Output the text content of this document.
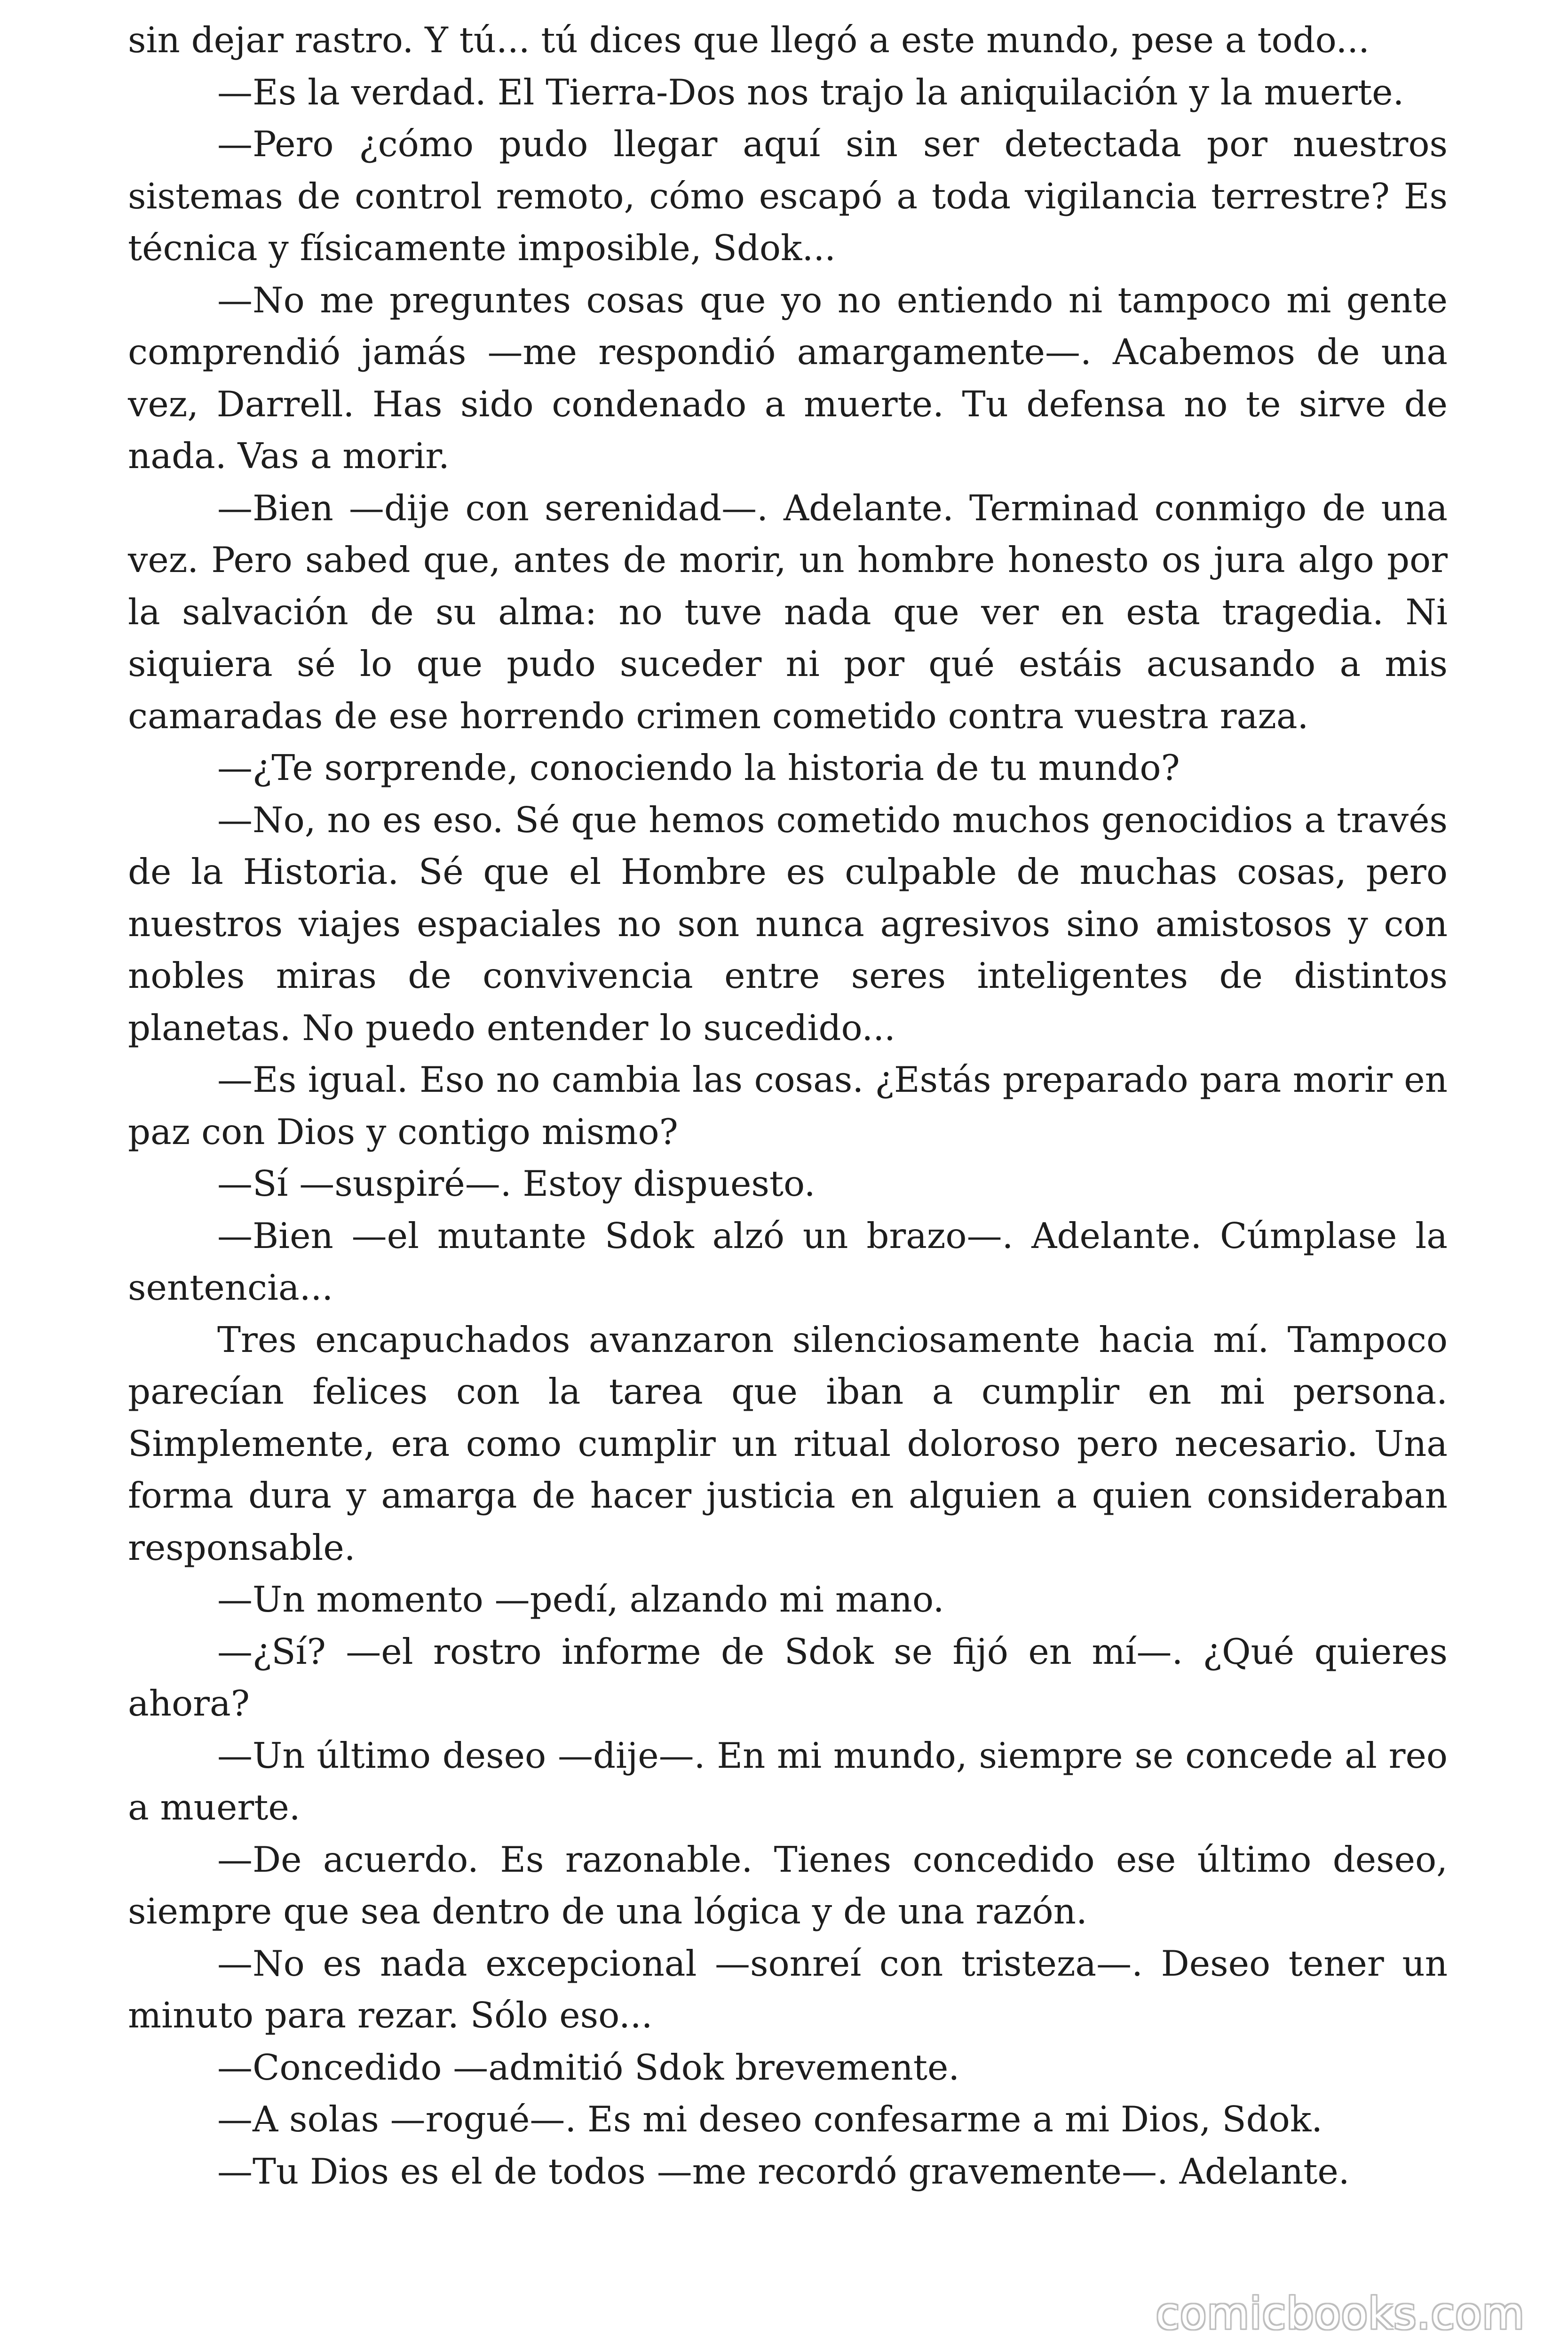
sin dejar rastro. Y tú... tú dices que llegó a este mundo, pese a todo...

—Es la verdad. El Tierra-Dos nos trajo la aniquilación y la muerte.

—Pero ¿cómo pudo llegar aquí sin ser detectada por nuestros sistemas de control remoto, cómo escapó a toda vigilancia terrestre? Es técnica y físicamente imposible, Sdok...

—No me preguntes cosas que yo no entiendo ni tampoco mi gente comprendió jamás —me respondió amargamente—. Acabemos de una vez, Darrell. Has sido condenado a muerte. Tu defensa no te sirve de nada. Vas a morir.

—Bien —dije con serenidad—. Adelante. Terminad conmigo de una vez. Pero sabed que, antes de morir, un hombre honesto os jura algo por la salvación de su alma: no tuve nada que ver en esta tragedia. Ni siquiera sé lo que pudo suceder ni por qué estáis acusando a mis camaradas de ese horrendo crimen cometido contra vuestra raza.

—¿Te sorprende, conociendo la historia de tu mundo?

—No, no es eso. Sé que hemos cometido muchos genocidios a través de la Historia. Sé que el Hombre es culpable de muchas cosas, pero nuestros viajes espaciales no son nunca agresivos sino amistosos y con nobles miras de convivencia entre seres inteligentes de distintos planetas. No puedo entender lo sucedido...

—Es igual. Eso no cambia las cosas. ¿Estás preparado para morir en paz con Dios y contigo mismo?

—Sí —suspiré—. Estoy dispuesto.

—Bien —el mutante Sdok alzó un brazo—. Adelante. Cúmplase la sentencia...

Tres encapuchados avanzaron silenciosamente hacia mí. Tampoco parecían felices con la tarea que iban a cumplir en mi persona. Simplemente, era como cumplir un ritual doloroso pero necesario. Una forma dura y amarga de hacer justicia en alguien a quien consideraban responsable.

—Un momento —pedí, alzando mi mano.

—¿Sí? —el rostro informe de Sdok se fijó en mí—. ¿Qué quieres ahora?

—Un último deseo —dije—. En mi mundo, siempre se concede al reo a muerte.

—De acuerdo. Es razonable. Tienes concedido ese último deseo, siempre que sea dentro de una lógica y de una razón.

—No es nada excepcional —sonreí con tristeza—. Deseo tener un minuto para rezar. Sólo eso...

—Concedido —admitió Sdok brevemente.

—A solas —rogué—. Es mi deseo confesarme a mi Dios, Sdok.

—Tu Dios es el de todos —me recordó gravemente—. Adelante.

comicbooks.com
